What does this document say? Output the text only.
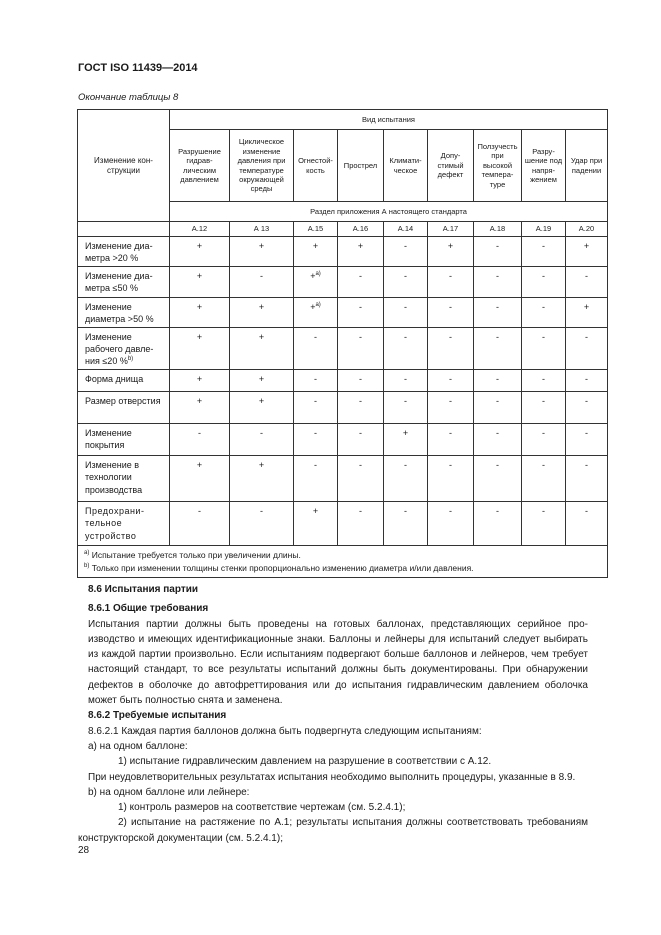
ГОСТ ISO 11439—2014
Окончание таблицы 8
Изменение конструкции	Вид испытания								
	Разрушение гидравлическим давлением	Циклическое изменение давления при температуре окружающей среды	Огнестойкость	Прострел	Климатическое	Допустимый дефект	Ползучесть при высокой температуре	Разрушение под напряжением	Удар при падении
	Раздел приложения А настоящего стандарта								
	А.12	А 13	А.15	А.16	А.14	А.17	А.18	А.19	А.20
Изменение диаметра >20 %	+	+	+	+	-	+	-	-	+
Изменение диаметра ≤50 %	+	-	+$^{a)}$	-	-	-	-	-	-
Изменение диаметра >50 %	+	+	+$^{a)}$	-	-	-	-	-	+
Изменение рабочего давления ≤20 %$^{b)}$	+	+	-	-	-	-	-	-	-
Форма днища	+	+	-	-	-	-	-	-	-
Размер отверстия	+	+	-	-	-	-	-	-	-
Изменение покрытия	-	-	-	-	+	-	-	-	-
Изменение в технологии производства	+	+	-	-	-	-	-	-	-
Предохранительное устройство	-	-	+	-	-	-	-	-	-

$^{a)}$ Испытание требуется только при увеличении длины.
$^{b)}$ Только при изменении толщины стенки пропорционально изменению диаметра и/или давления.									

8.6 Испытания партии

8.6.1 Общие требования

Испытания партии должны быть проведены на готовых баллонах, представляющих серийное производство и имеющих идентификационные знаки. Баллоны и лейнеры для испытаний следует выбирать из каждой партии произвольно. Если испытаниям подвергают больше баллонов и лейнеров, чем требует настоящий стандарт, то все результаты испытаний должны быть документированы. При обнаружении дефектов в оболочке до автофреттирования или до испытания гидравлическим давлением оболочка может быть полностью снята и заменена.

8.6.2 Требуемые испытания

8.6.2.1 Каждая партия баллонов должна быть подвергнута следующим испытаниям:

а) на одном баллоне:

1) испытание гидравлическим давлением на разрушение в соответствии с А.12.

При неудовлетворительных результатах испытания необходимо выполнить процедуры, указанные в 8.9.

b) на одном баллоне или лейнере:

1) контроль размеров на соответствие чертежам (см. 5.2.4.1);

2) испытание на растяжение по А.1; результаты испытания должны соответствовать требованиям конструкторской документации (см. 5.2.4.1);

28
